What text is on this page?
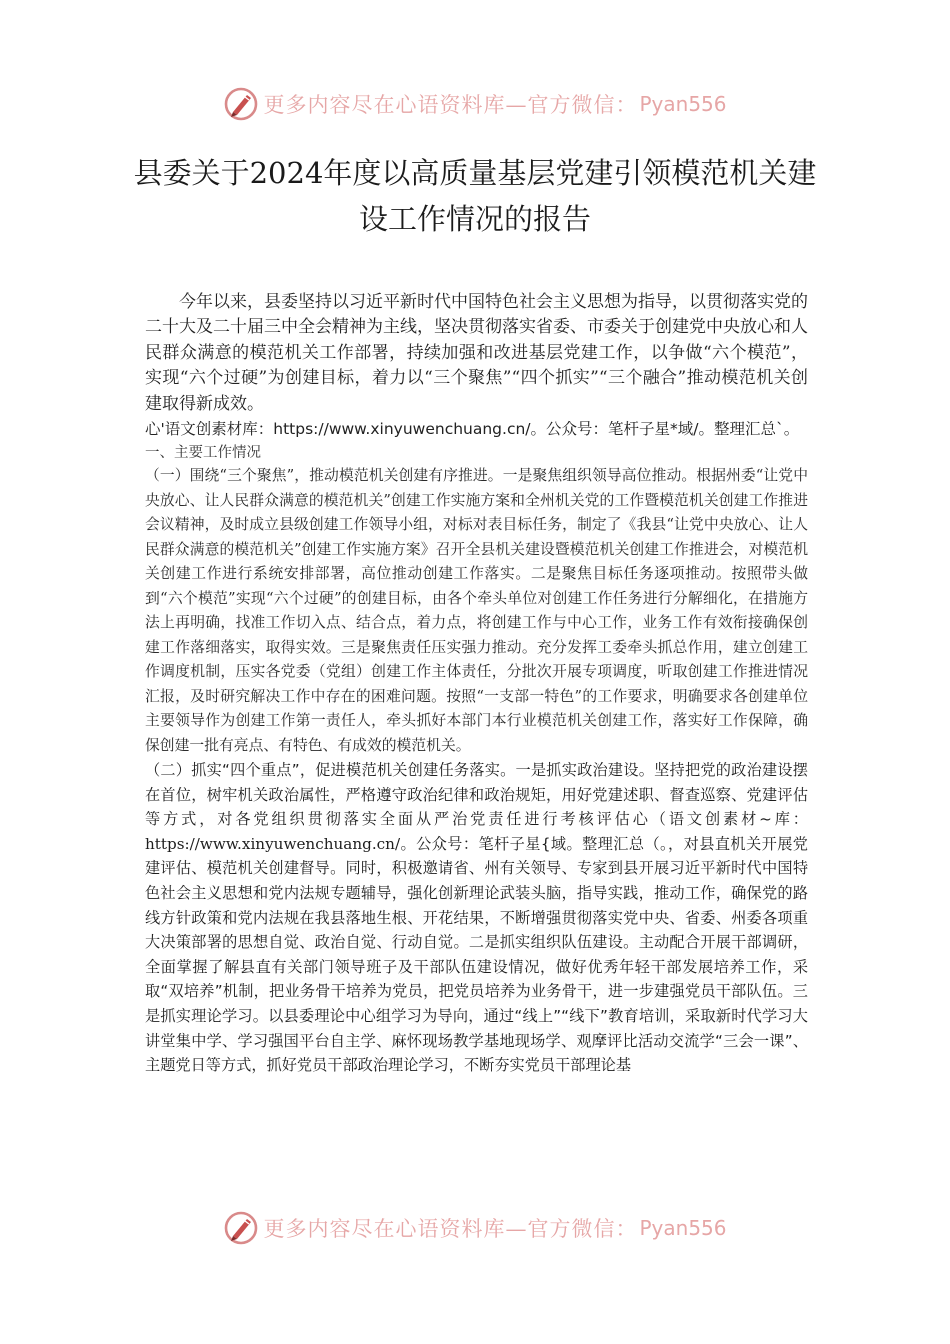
更多内容尽在心语资料库—官方微信： Pyan556
县委关于2024年度以高质量基层党建引领模范机关建设工作情况的报告

今年以来，县委坚持以习近平新时代中国特色社会主义思想为指导，以贯彻落实党的二十大及二十届三中全会精神为主线，坚决贯彻落实省委、市委关于创建党中央放心和人民群众满意的模范机关工作部署，持续加强和改进基层党建工作，以争做“六个模范”，实现“六个过硬”为创建目标，着力以“三个聚焦”“四个抓实”“三个融合”推动模范机关创建取得新成效。

心'语文创素材库：https://www.xinyuwenchuang.cn/。公众号：笔杆子星*域/。整理汇总`。

一、主要工作情况

（一）围绕“三个聚焦”，推动模范机关创建有序推进。一是聚焦组织领导高位推动。根据州委“让党中央放心、让人民群众满意的模范机关”创建工作实施方案和全州机关党的工作暨模范机关创建工作推进会议精神，及时成立县级创建工作领导小组，对标对表目标任务，制定了《我县“让党中央放心、让人民群众满意的模范机关”创建工作实施方案》召开全县机关建设暨模范机关创建工作推进会，对模范机关创建工作进行系统安排部署，高位推动创建工作落实。二是聚焦目标任务逐项推动。按照带头做到“六个模范”实现“六个过硬”的创建目标，由各个牵头单位对创建工作任务进行分解细化，在措施方法上再明确，找准工作切入点、结合点，着力点，将创建工作与中心工作，业务工作有效衔接确保创建工作落细落实，取得实效。三是聚焦责任压实强力推动。充分发挥工委牵头抓总作用，建立创建工作调度机制，压实各党委（党组）创建工作主体责任，分批次开展专项调度，听取创建工作推进情况汇报，及时研究解决工作中存在的困难问题。按照“一支部一特色”的工作要求，明确要求各创建单位主要领导作为创建工作第一责任人，牵头抓好本部门本行业模范机关创建工作，落实好工作保障，确保创建一批有亮点、有特色、有成效的模范机关。

（二）抓实“四个重点”，促进模范机关创建任务落实。一是抓实政治建设。坚持把党的政治建设摆在首位，树牢机关政治属性，严格遵守政治纪律和政治规矩，用好党建述职、督查巡察、党建评估等方式，对各党组织贯彻落实全面从严治党责任进行考核评估心（语文创素材~库：https://www.xinyuwenchuang.cn/。公众号：笔杆子星{域。整理汇总（。，对县直机关开展党建评估、模范机关创建督导。同时，积极邀请省、州有关领导、专家到县开展习近平新时代中国特色社会主义思想和党内法规专题辅导，强化创新理论武装头脑，指导实践，推动工作，确保党的路线方针政策和党内法规在我县落地生根、开花结果，不断增强贯彻落实党中央、省委、州委各项重大决策部署的思想自觉、政治自觉、行动自觉。二是抓实组织队伍建设。主动配合开展干部调研，全面掌握了解县直有关部门领导班子及干部队伍建设情况，做好优秀年轻干部发展培养工作，采取“双培养”机制，把业务骨干培养为党员，把党员培养为业务骨干，进一步建强党员干部队伍。三是抓实理论学习。以县委理论中心组学习为导向，通过“线上”“线下”教育培训，采取新时代学习大讲堂集中学、学习强国平台自主学、麻怀现场教学基地现场学、观摩评比活动交流学“三会一课”、主题党日等方式，抓好党员干部政治理论学习，不断夯实党员干部理论基

更多内容尽在心语资料库—官方微信： Pyan556
